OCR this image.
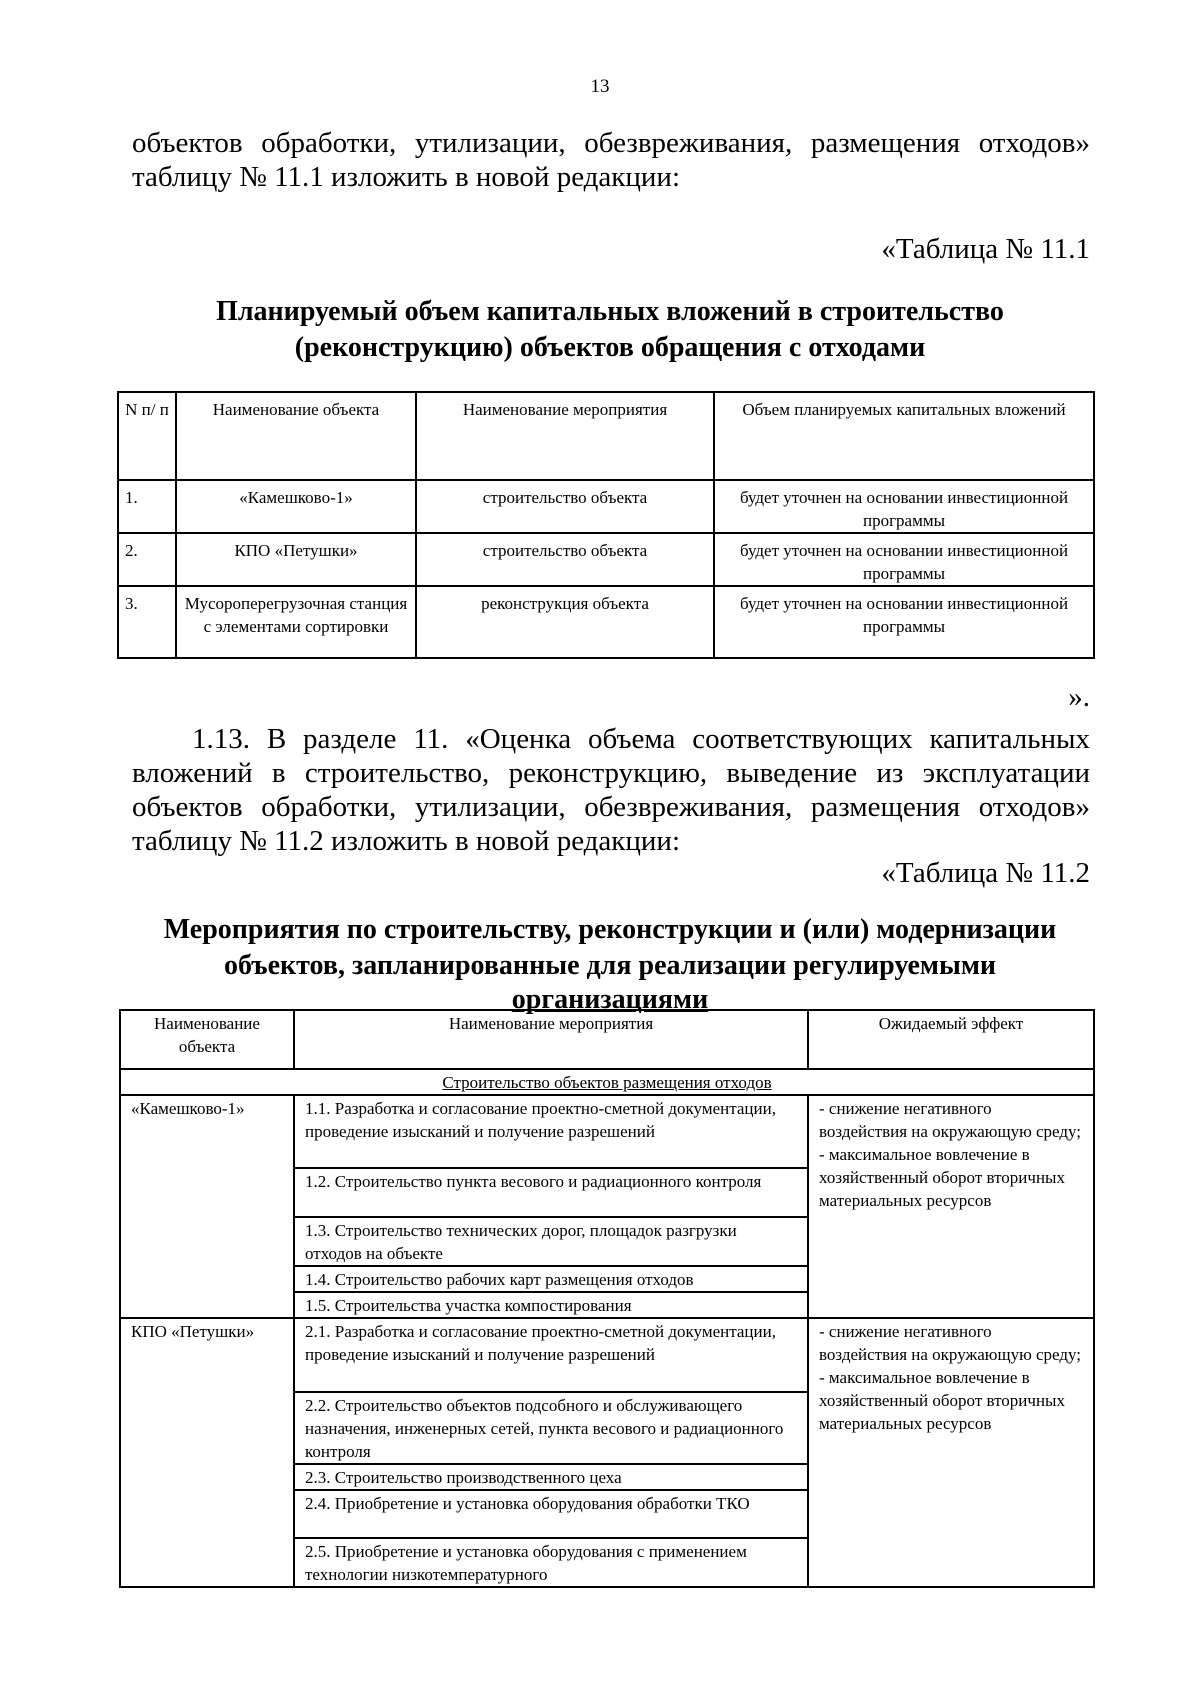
13
объектов обработки, утилизации, обезвреживания, размещения отходов»
таблицу № 11.1 изложить в новой редакции:
«Таблица № 11.1
Планируемый объем капитальных вложений в строительство
(реконструкцию) объектов обращения с отходами
N п/ п	Наименование объекта	Наименование мероприятия	Объем планируемых капитальных вложений
1.	«Камешково-1»	строительство объекта	будет уточнен на основании инвестиционной программы
2.	КПО «Петушки»	строительство объекта	будет уточнен на основании инвестиционной программы
3.	Мусороперегрузочная станция с элементами сортировки	реконструкция объекта	будет уточнен на основании инвестиционной программы
».
1.13. В разделе 11. «Оценка объема соответствующих капитальных
вложений в строительство, реконструкцию, выведение из эксплуатации
объектов обработки, утилизации, обезвреживания, размещения отходов»
таблицу № 11.2 изложить в новой редакции:
«Таблица № 11.2
Мероприятия по строительству, реконструкции и (или) модернизации
объектов, запланированные для реализации регулируемыми
организациями
Наименование объекта	Наименование мероприятия	Ожидаемый эффект
Строительство объектов размещения отходов		
«Камешково-1»	1.1. Разработка и согласование проектно-сметной документации, проведение изысканий и получение разрешений	- снижение негативного воздействия на окружающую среду;
- максимальное вовлечение в хозяйственный оборот вторичных материальных ресурсов
	1.2. Строительство пункта весового и радиационного контроля	
	1.3. Строительство технических дорог, площадок разгрузки отходов на объекте	
	1.4. Строительство рабочих карт размещения отходов	
	1.5. Строительства участка компостирования	
КПО «Петушки»	2.1. Разработка и согласование проектно-сметной документации, проведение изысканий и получение разрешений	- снижение негативного воздействия на окружающую среду;
- максимальное вовлечение в хозяйственный оборот вторичных материальных ресурсов
	2.2. Строительство объектов подсобного и обслуживающего назначения, инженерных сетей, пункта весового и радиационного контроля	
	2.3. Строительство производственного цеха	
	2.4. Приобретение и установка оборудования обработки ТКО	
	2.5. Приобретение и установка оборудования с применением технологии низкотемпературного	
